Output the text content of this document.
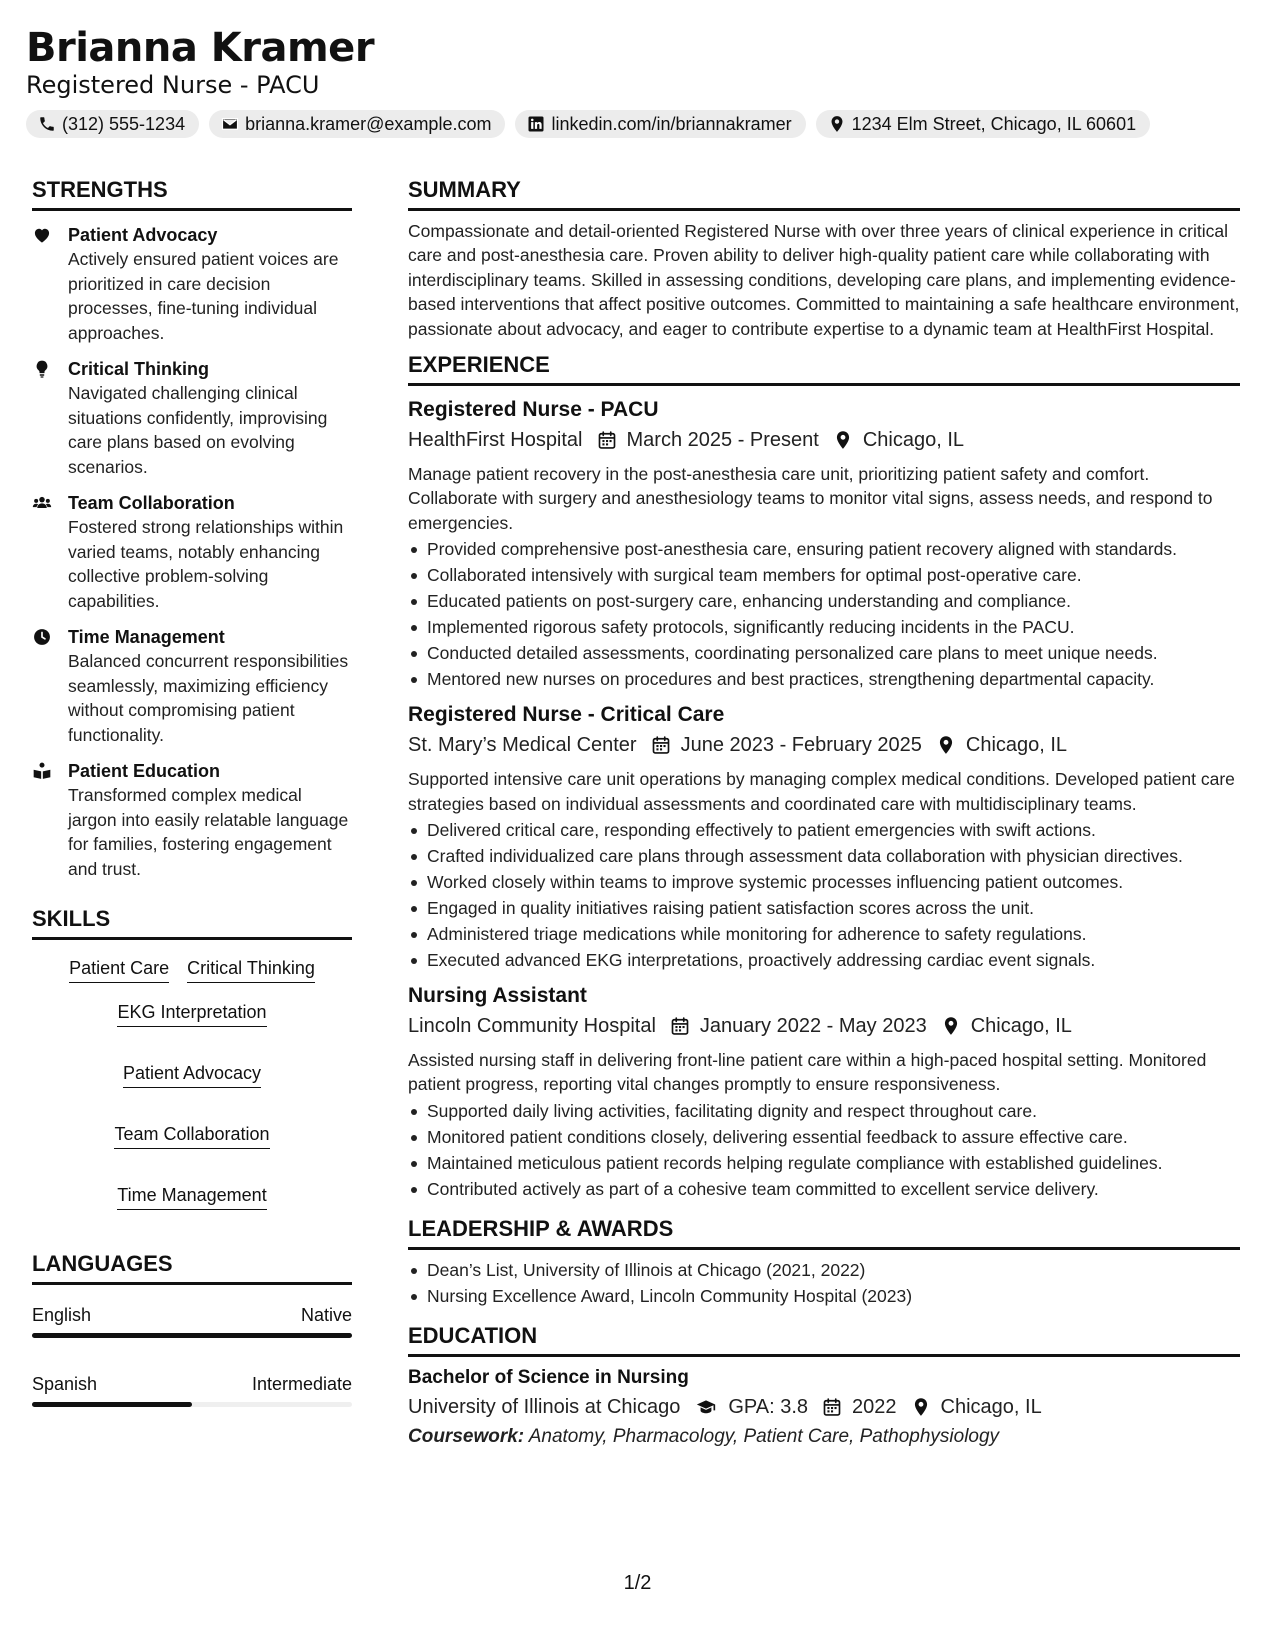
Brianna Kramer
Registered Nurse - PACU
(312) 555-1234	brianna.kramer@example.com	linkedin.com/in/briannakramer	1234 Elm Street, Chicago, IL 60601
STRENGTHS
Patient Advocacy
Actively ensured patient voices are prioritized in care decision processes, fine-tuning individual approaches.
Critical Thinking
Navigated challenging clinical situations confidently, improvising care plans based on evolving scenarios.
Team Collaboration
Fostered strong relationships within varied teams, notably enhancing collective problem-solving capabilities.
Time Management
Balanced concurrent responsibilities seamlessly, maximizing efficiency without compromising patient functionality.
Patient Education
Transformed complex medical jargon into easily relatable language for families, fostering engagement and trust.
SKILLS
Patient Care Critical Thinking
EKG Interpretation
Patient Advocacy
Team Collaboration
Time Management
LANGUAGES
English	Native
Spanish	Intermediate
SUMMARY
Compassionate and detail-oriented Registered Nurse with over three years of clinical experience in critical care and post-anesthesia care. Proven ability to deliver high-quality patient care while collaborating with interdisciplinary teams. Skilled in assessing conditions, developing care plans, and implementing evidence-based interventions that affect positive outcomes. Committed to maintaining a safe healthcare environment, passionate about advocacy, and eager to contribute expertise to a dynamic team at HealthFirst Hospital.
EXPERIENCE
Registered Nurse - PACU
HealthFirst Hospital March 2025 - Present Chicago, IL
Manage patient recovery in the post-anesthesia care unit, prioritizing patient safety and comfort. Collaborate with surgery and anesthesiology teams to monitor vital signs, assess needs, and respond to emergencies.
Provided comprehensive post-anesthesia care, ensuring patient recovery aligned with standards.
Collaborated intensively with surgical team members for optimal post-operative care.
Educated patients on post-surgery care, enhancing understanding and compliance.
Implemented rigorous safety protocols, significantly reducing incidents in the PACU.
Conducted detailed assessments, coordinating personalized care plans to meet unique needs.
Mentored new nurses on procedures and best practices, strengthening departmental capacity.
Registered Nurse - Critical Care
St. Mary’s Medical Center June 2023 - February 2025 Chicago, IL
Supported intensive care unit operations by managing complex medical conditions. Developed patient care strategies based on individual assessments and coordinated care with multidisciplinary teams.
Delivered critical care, responding effectively to patient emergencies with swift actions.
Crafted individualized care plans through assessment data collaboration with physician directives.
Worked closely within teams to improve systemic processes influencing patient outcomes.
Engaged in quality initiatives raising patient satisfaction scores across the unit.
Administered triage medications while monitoring for adherence to safety regulations.
Executed advanced EKG interpretations, proactively addressing cardiac event signals.
Nursing Assistant
Lincoln Community Hospital January 2022 - May 2023 Chicago, IL
Assisted nursing staff in delivering front-line patient care within a high-paced hospital setting. Monitored patient progress, reporting vital changes promptly to ensure responsiveness.
Supported daily living activities, facilitating dignity and respect throughout care.
Monitored patient conditions closely, delivering essential feedback to assure effective care.
Maintained meticulous patient records helping regulate compliance with established guidelines.
Contributed actively as part of a cohesive team committed to excellent service delivery.
LEADERSHIP & AWARDS
Dean’s List, University of Illinois at Chicago (2021, 2022)
Nursing Excellence Award, Lincoln Community Hospital (2023)
EDUCATION
Bachelor of Science in Nursing
University of Illinois at Chicago GPA: 3.8 2022 Chicago, IL
Coursework: Anatomy, Pharmacology, Patient Care, Pathophysiology
1/2
